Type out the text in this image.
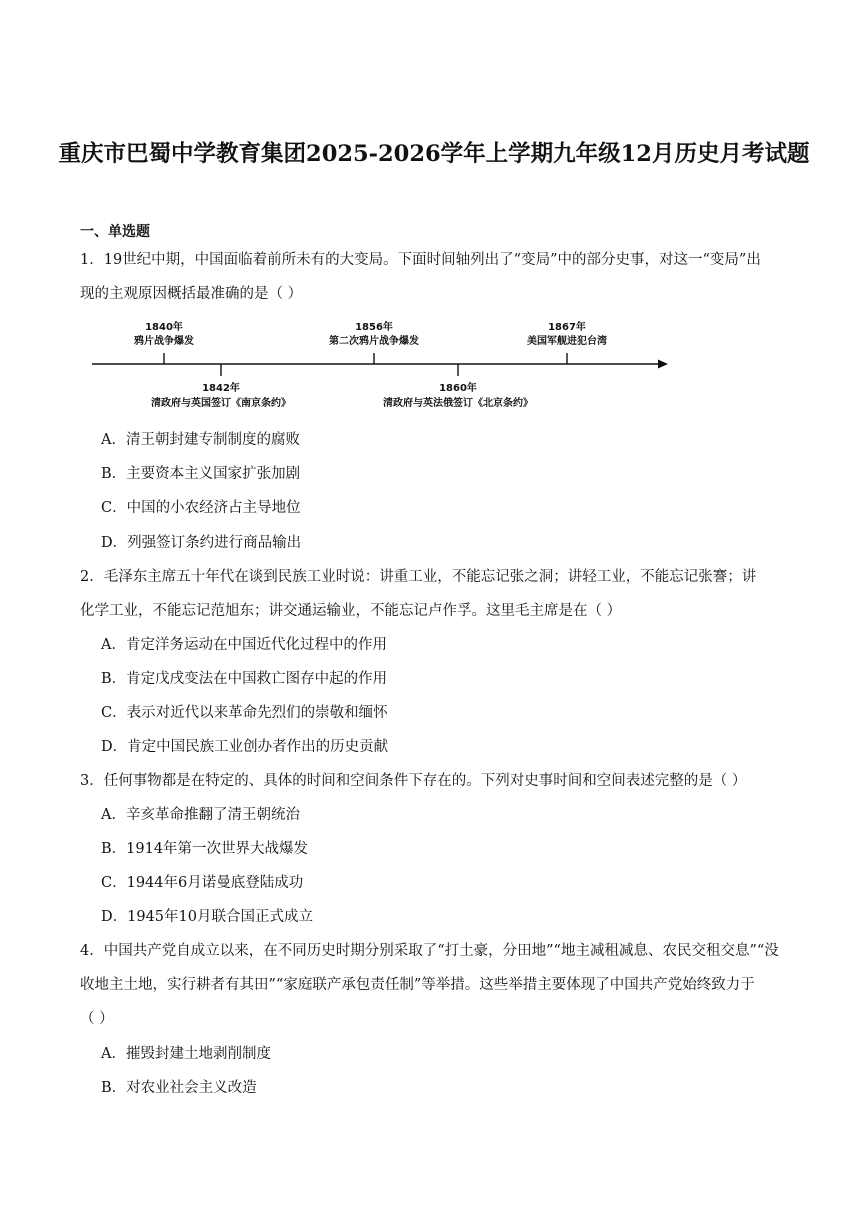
重庆市巴蜀中学教育集团2025-2026学年上学期九年级12月历史月考试题
一、单选题
1．19世纪中期，中国面临着前所未有的大变局。下面时间轴列出了“变局”中的部分史事，对这一“变局”出
现的主观原因概括最准确的是（ ）
1840年
鸦片战争爆发
1856年
第二次鸦片战争爆发
1867年
美国军舰进犯台湾
1842年
清政府与英国签订《南京条约》
1860年
清政府与英法俄签订《北京条约》
A．清王朝封建专制制度的腐败
B．主要资本主义国家扩张加剧
C．中国的小农经济占主导地位
D．列强签订条约进行商品输出
2．毛泽东主席五十年代在谈到民族工业时说：讲重工业，不能忘记张之洞；讲轻工业，不能忘记张謇；讲
化学工业，不能忘记范旭东；讲交通运输业，不能忘记卢作孚。这里毛主席是在（ ）
A．肯定洋务运动在中国近代化过程中的作用
B．肯定戊戌变法在中国救亡图存中起的作用
C．表示对近代以来革命先烈们的崇敬和缅怀
D．肯定中国民族工业创办者作出的历史贡献
3．任何事物都是在特定的、具体的时间和空间条件下存在的。下列对史事时间和空间表述完整的是（ ）
A．辛亥革命推翻了清王朝统治
B．1914年第一次世界大战爆发
C．1944年6月诺曼底登陆成功
D．1945年10月联合国正式成立
4．中国共产党自成立以来，在不同历史时期分别采取了“打土豪，分田地”“地主减租减息、农民交租交息”“没
收地主土地，实行耕者有其田”“家庭联产承包责任制”等举措。这些举措主要体现了中国共产党始终致力于
（ ）
A．摧毁封建土地剥削制度
B．对农业社会主义改造
